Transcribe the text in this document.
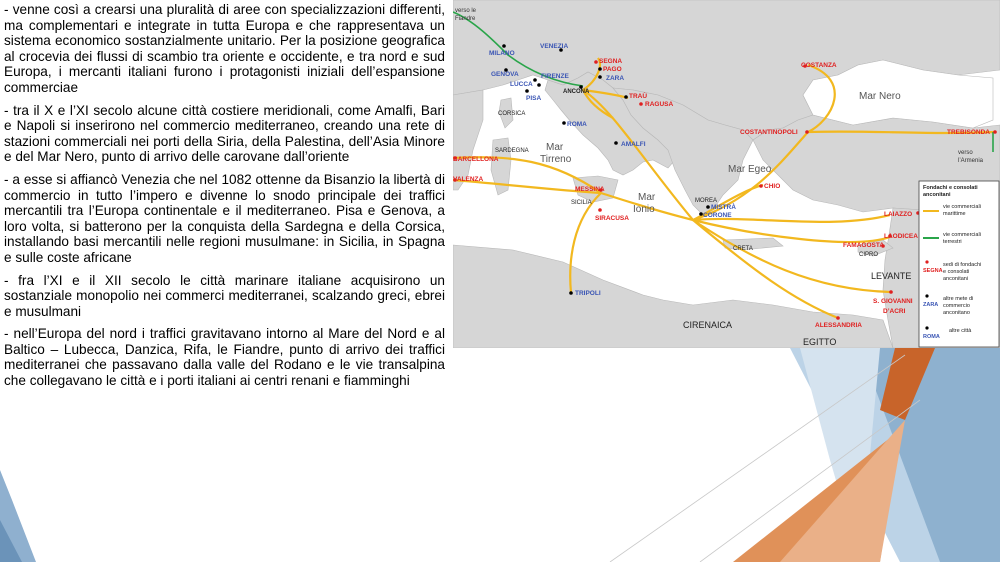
- venne così a crearsi una pluralità di aree con specializzazioni differenti, ma complementari e integrate in tutta Europa e che rappresentava un sistema economico sostanzialmente unitario. Per la posizione geografica al crocevia dei flussi di scambio tra oriente e occidente, e tra nord e sud Europa, i mercanti italiani furono i protagonisti iniziali dell’espansione commerciae

- tra il X e l’XI secolo alcune città costiere meridionali, come Amalfi, Bari e Napoli si inserirono nel commercio mediterraneo, creando una rete di stazioni commerciali nei porti della Siria, della Palestina, dell’Asia Minore e del Mar Nero, punto di arrivo delle carovane dall’oriente

- a esse si affiancò Venezia che nel 1082 ottenne da Bisanzio la libertà di commercio in tutto l’impero e divenne lo snodo principale dei traffici mercantili tra l’Europa continentale e il mediterraneo. Pisa e Genova, a loro volta, si batterono per la conquista della Sardegna e della Corsica, installando basi mercantili nelle regioni musulmane: in Sicilia, in Spagna e sulle coste africane

- fra l’XI e il XII secolo le città marinare italiane acquisirono un sostanziale monopolio nei commerci mediterranei, scalzando greci, ebrei e musulmani

- nell’Europa del nord i traffici gravitavano intorno al Mare del Nord e al Baltico – Lubecca, Danzica, Rifa, le Fiandre, punto di arrivo dei traffici mediterranei che passavano dalla valle del Rodano e le vie transalpina che collegavano le città e i porti italiani ai centri renani e fiamminghi

Mar Nero
Mar
Tirreno
Mar
Ionio
Mar Egeo
LEVANTE
CIRENAICA
EGITTO
verso le
Fiandre
verso
l’Armenia
SEGNA
PAGO
TRAÙ
RAGUSA
COSTANZA
COSTANTINOPOLI	TREBISONDA
CHIO
BARCELLONA
VALENZA
MESSINA
SIRACUSA
LAIAZZO
LAODICEA
FAMAGOSTA
S. GIOVANNI
D’ACRI
ALESSANDRIA
MILANO
VENEZIA
GENOVA
LUCCA
FIRENZE
PISA
ZARA
ROMA
AMALFI
MISTRÀ
CORONE
TRIPOLI
ANCONA
CORSICA
SARDEGNA
SICILIA	MOREA
CRETA
CIPRO
Fondachi e consolati
anconitani
vie commerciali
marittime
vie commerciali
terrestri
SEGNA
sedi di fondachi
e consolati
anconitani
ZARA
altre mete di
commercio
anconitano
ROMA
altre città
